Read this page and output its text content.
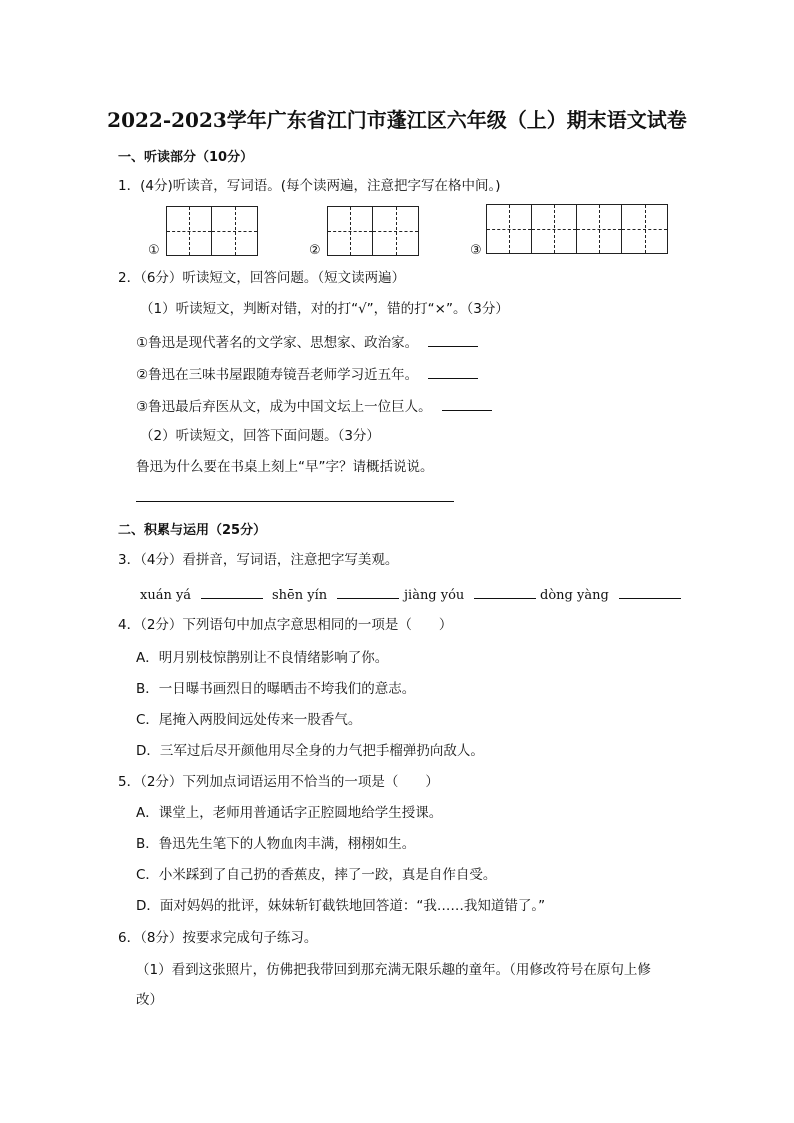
2022-2023学年广东省江门市蓬江区六年级（上）期末语文试卷
一、听读部分（10分）
1．(4分)听读音，写词语。(每个读两遍，注意把字写在格中间。)
①	②	③
2．（6分）听读短文，回答问题。（短文读两遍）
（1）听读短文，判断对错，对的打“√”，错的打“×”。（3分）
①鲁迅是现代著名的文学家、思想家、政治家。
②鲁迅在三味书屋跟随寿镜吾老师学习近五年。
③鲁迅最后弃医从文，成为中国文坛上一位巨人。
（2）听读短文，回答下面问题。（3分）
鲁迅为什么要在书桌上刻上“早”字？请概括说说。
二、积累与运用（25分）
3．（4分）看拼音，写词语，注意把字写美观。
xuán yá	shēn yín	jiàng yóu	dòng yàng
4．（2分）下列语句中加点字意思相同的一项是（　　）
A．明月别枝惊鹊别让不良情绪影响了你。
B．一日曝书画烈日的曝晒击不垮我们的意志。
C．尾掩入两股间远处传来一股香气。
D．三军过后尽开颜他用尽全身的力气把手榴弹扔向敌人。
5．（2分）下列加点词语运用不恰当的一项是（　　）
A．课堂上，老师用普通话字正腔圆地给学生授课。
B．鲁迅先生笔下的人物血肉丰满，栩栩如生。
C．小米踩到了自己扔的香蕉皮，摔了一跤，真是自作自受。
D．面对妈妈的批评，妹妹斩钉截铁地回答道：“我……我知道错了。”
6．（8分）按要求完成句子练习。
（1）看到这张照片，仿佛把我带回到那充满无限乐趣的童年。（用修改符号在原句上修
改）
